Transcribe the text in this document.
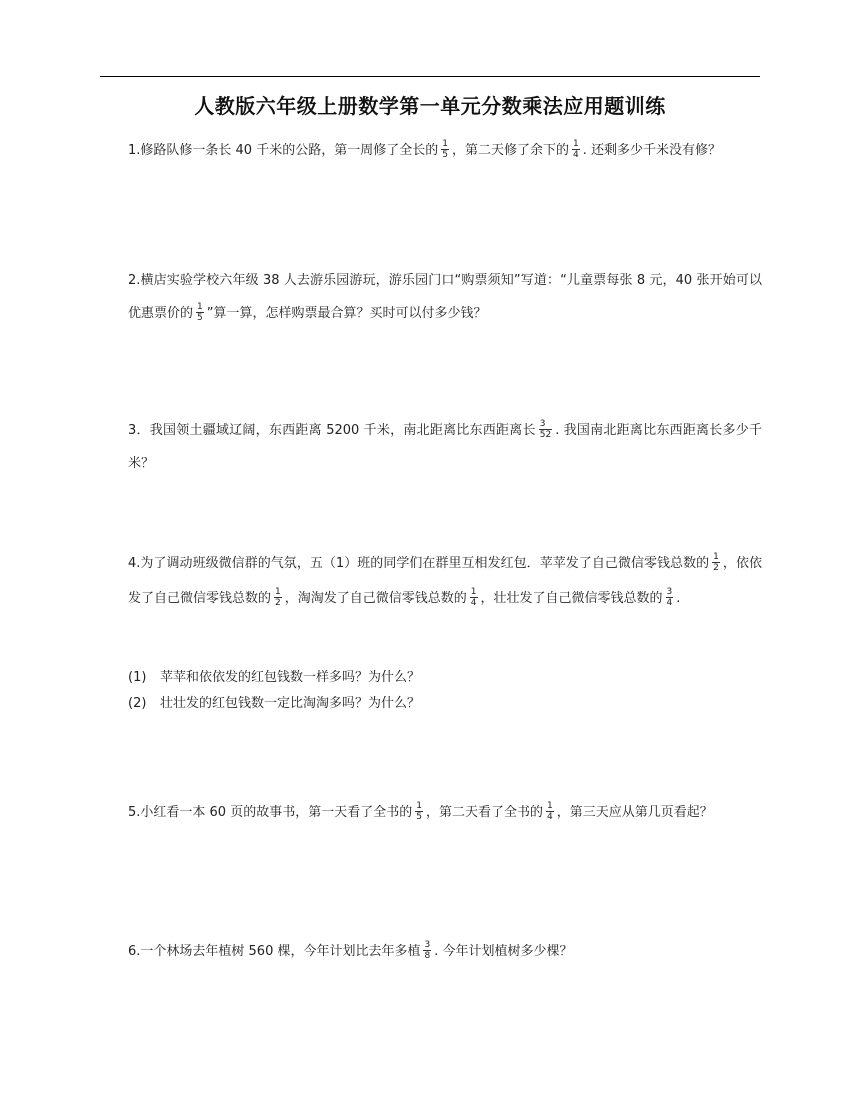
人教版六年级上册数学第一单元分数乘法应用题训练
1.修路队修一条长 40 千米的公路，第一周修了全长的 $\frac{1}{5}$ ，第二天修了余下的 $\frac{1}{4}$ . 还剩多少千米没有修？
2.横店实验学校六年级 38 人去游乐园游玩，游乐园门口“购票须知”写道：“儿童票每张 8 元，40 张开始可以优惠票价的 $\frac{1}{5}$ ”算一算，怎样购票最合算？买时可以付多少钱？
3．我国领土疆域辽阔，东西距离 5200 千米，南北距离比东西距离长 $\frac{3}{52}$ . 我国南北距离比东西距离长多少千米？
4.为了调动班级微信群的气氛，五（1）班的同学们在群里互相发红包．苹苹发了自己微信零钱总数的 $\frac{1}{2}$ ，依依发了自己微信零钱总数的 $\frac{1}{2}$ ，淘淘发了自己微信零钱总数的 $\frac{1}{4}$ ，壮壮发了自己微信零钱总数的 $\frac{3}{4}$ .
(1) 苹苹和依依发的红包钱数一样多吗？为什么？
(2) 壮壮发的红包钱数一定比淘淘多吗？为什么？
5.小红看一本 60 页的故事书，第一天看了全书的 $\frac{1}{5}$ ，第二天看了全书的 $\frac{1}{4}$ ，第三天应从第几页看起？
6.一个林场去年植树 560 棵，今年计划比去年多植 $\frac{3}{8}$ . 今年计划植树多少棵？
